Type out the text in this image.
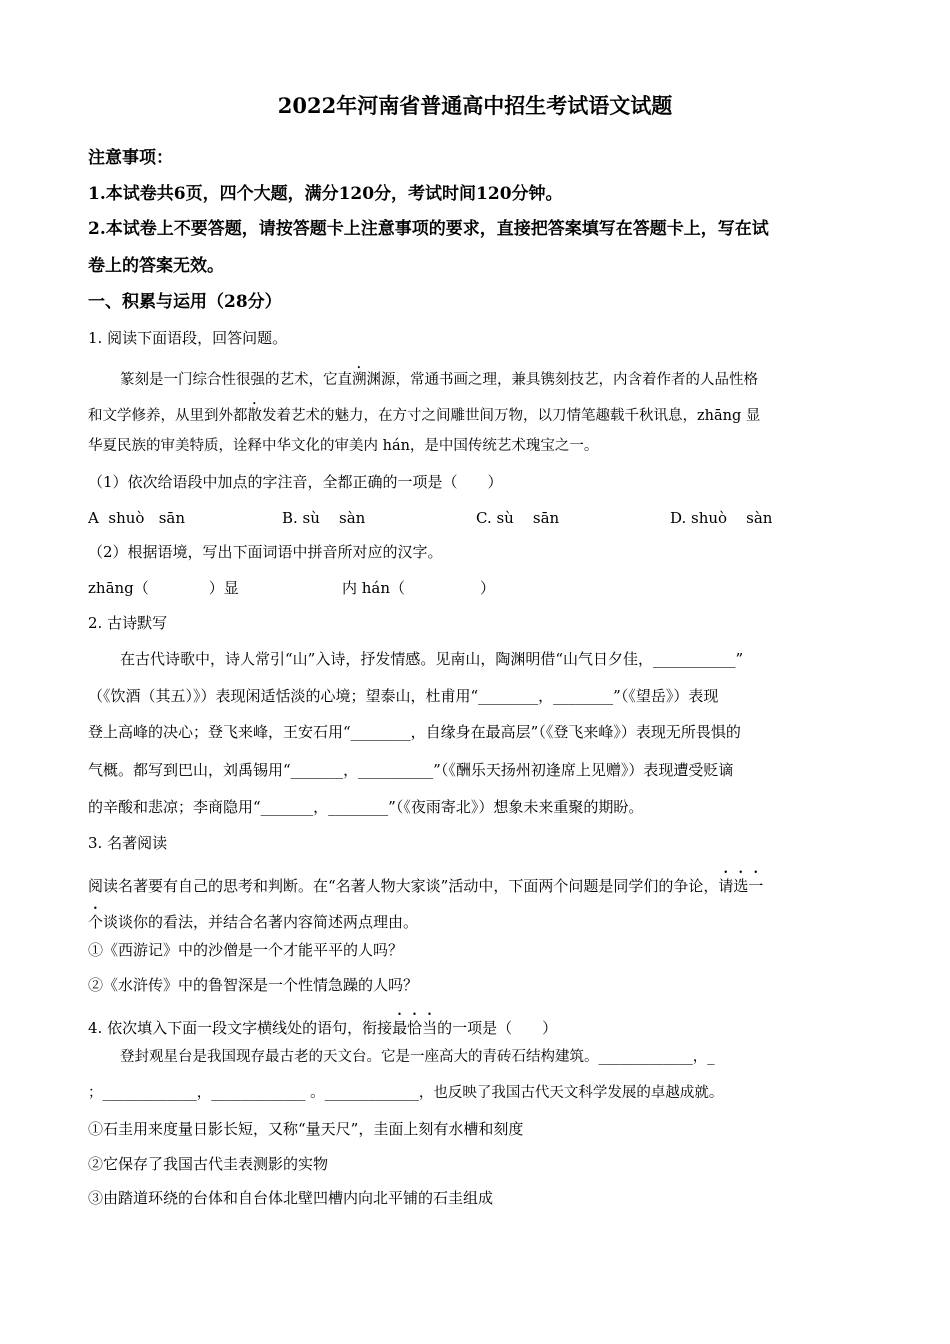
2022年河南省普通高中招生考试语文试题
注意事项：
1.本试卷共6页，四个大题，满分120分，考试时间120分钟。
2.本试卷上不要答题，请按答题卡上注意事项的要求，直接把答案填写在答题卡上，写在试
卷上的答案无效。
一、积累与运用（28分）
1. 阅读下面语段，回答问题。
篆刻是一门综合性很强的艺术，它直溯渊源，常通书画之理，兼具镌刻技艺，内含着作者的人品性格
和文学修养，从里到外都散发着艺术的魅力，在方寸之间雕世间万物，以刀情笔趣载千秋讯息，zhāng 显
华夏民族的审美特质，诠释中华文化的审美内 hán，是中国传统艺术瑰宝之一。
（1）依次给语段中加点的字注音，全都正确的一项是（　　）
A  shuò   sān	B. sù    sàn	C. sù    sān	D. shuò    sàn
（2）根据语境，写出下面词语中拼音所对应的汉字。
zhāng（　　　　）显	内 hán（　　　　　）
2. 古诗默写
在古代诗歌中，诗人常引“山”入诗，抒发情感。见南山，陶渊明借“山气日夕佳，___________”
（《饮酒（其五）》）表现闲适恬淡的心境；望泰山，杜甫用“________，________”（《望岳》）表现
登上高峰的决心；登飞来峰，王安石用“________，自缘身在最高层”（《登飞来峰》）表现无所畏惧的
气概。都写到巴山，刘禹锡用“_______，__________”（《酬乐天扬州初逢席上见赠》）表现遭受贬谪
的辛酸和悲凉；李商隐用“_______，________”（《夜雨寄北》）想象未来重聚的期盼。
3. 名著阅读
阅读名著要有自己的思考和判断。在“名著人物大家谈”活动中，下面两个问题是同学们的争论，请选一
个谈谈你的看法，并结合名著内容简述两点理由。
①《西游记》中的沙僧是一个才能平平的人吗？
②《水浒传》中的鲁智深是一个性情急躁的人吗？
4. 依次填入下面一段文字横线处的语句，衔接最恰当的一项是（　　）
登封观星台是我国现存最古老的天文台。它是一座高大的青砖石结构建筑。_____________，_
；_____________，_____________ 。_____________，也反映了我国古代天文科学发展的卓越成就。
①石圭用来度量日影长短，又称“量天尺”，圭面上刻有水槽和刻度
②它保存了我国古代圭表测影的实物
③由踏道环绕的台体和自台体北壁凹槽内向北平铺的石圭组成
